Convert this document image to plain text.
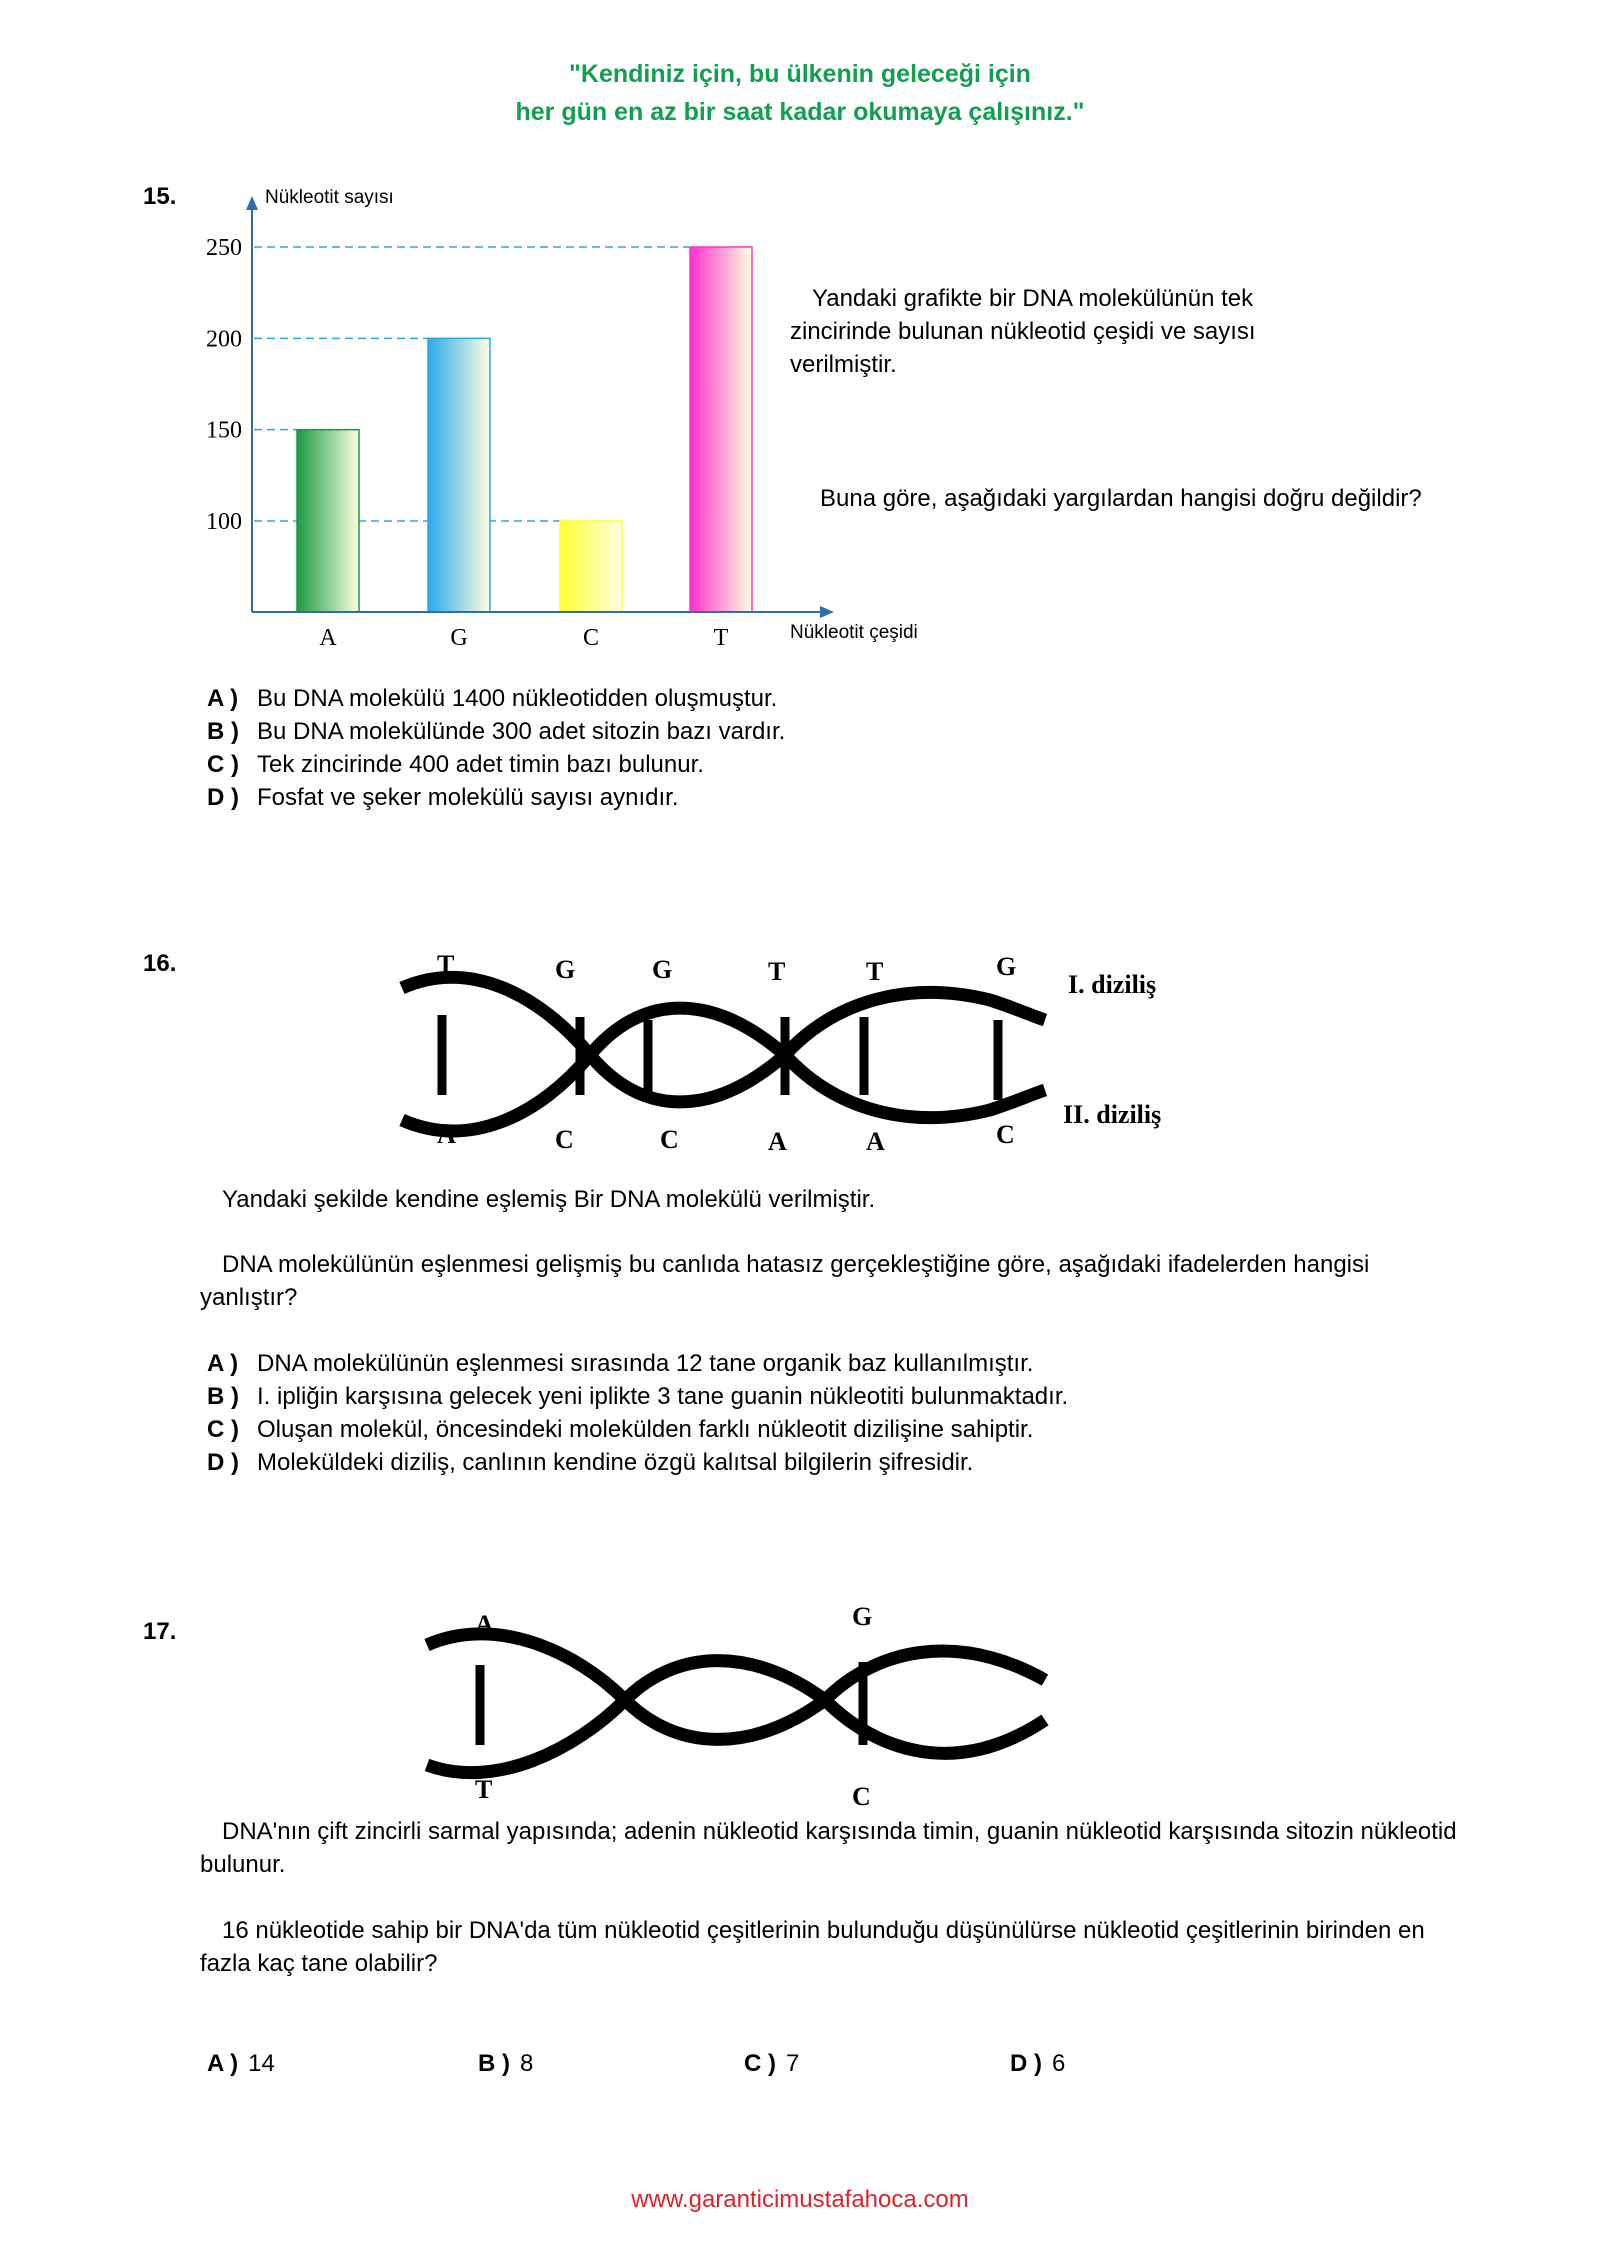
"Kendiniz için, bu ülkenin geleceği için
her gün en az bir saat kadar okumaya çalışınız."
15.
100
150
200
250
A	G	C	T
Nükleotit sayısı
Nükleotit çeşidi
Yandaki grafikte bir DNA molekülünün tek zincirinde bulunan nükleotid çeşidi ve sayısı verilmiştir.
Buna göre, aşağıdaki yargılardan hangisi doğru değildir?
A ) Bu DNA molekülü 1400 nükleotidden oluşmuştur.
B ) Bu DNA molekülünde 300 adet sitozin bazı vardır.
C ) Tek zincirinde 400 adet timin bazı bulunur.
D ) Fosfat ve şeker molekülü sayısı aynıdır.
16.	T	G	G	T	T	G
A	C	C	A	A	C
I. diziliş
II. diziliş
Yandaki şekilde kendine eşlemiş Bir DNA molekülü verilmiştir.
DNA molekülünün eşlenmesi gelişmiş bu canlıda hatasız gerçekleştiğine göre, aşağıdaki ifadelerden hangisi yanlıştır?
A ) DNA molekülünün eşlenmesi sırasında 12 tane organik baz kullanılmıştır.
B ) I. ipliğin karşısına gelecek yeni iplikte 3 tane guanin nükleotiti bulunmaktadır.
C ) Oluşan molekül, öncesindeki molekülden farklı nükleotit dizilişine sahiptir.
D ) Moleküldeki diziliş, canlının kendine özgü kalıtsal bilgilerin şifresidir.
17.	A
T
G
C
DNA'nın çift zincirli sarmal yapısında; adenin nükleotid karşısında timin, guanin nükleotid karşısında sitozin nükleotid bulunur.
16 nükleotide sahip bir DNA'da tüm nükleotid çeşitlerinin bulunduğu düşünülürse nükleotid çeşitlerinin birinden en fazla kaç tane olabilir?
A ) 14	B ) 8	C ) 7	D ) 6
www.garanticimustafahoca.com
